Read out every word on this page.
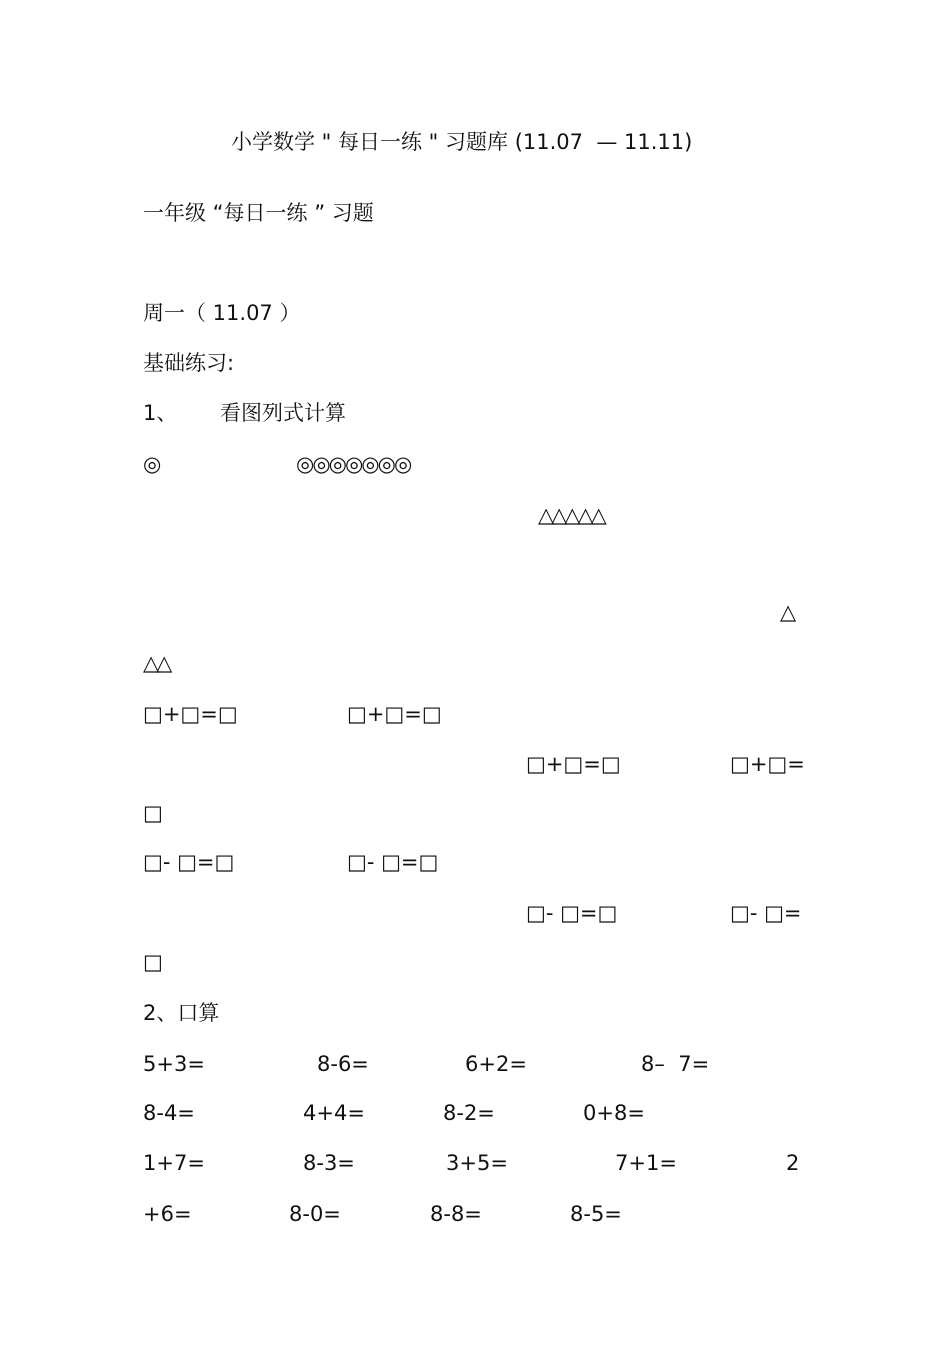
小学数学 " 每日一练 " 习题库 (11.07  — 11.11)
一年级 “每日一练 ” 习题
周一（ 11.07 ）
基础练习:
1、 看图列式计算
◎	◎◎◎◎◎◎◎
△△△△△
△
△△
□+□=□	□+□=□
□+□=□	□+□=
□
□- □=□	□- □=□
□- □=□	□- □=
□
2、口算
5+3=	8-6=	6+2=	8–  7=
8-4=	4+4=	8-2=	0+8=
1+7=	8-3=	3+5=	7+1=	2
+6=	8-0=	8-8=	8-5=
